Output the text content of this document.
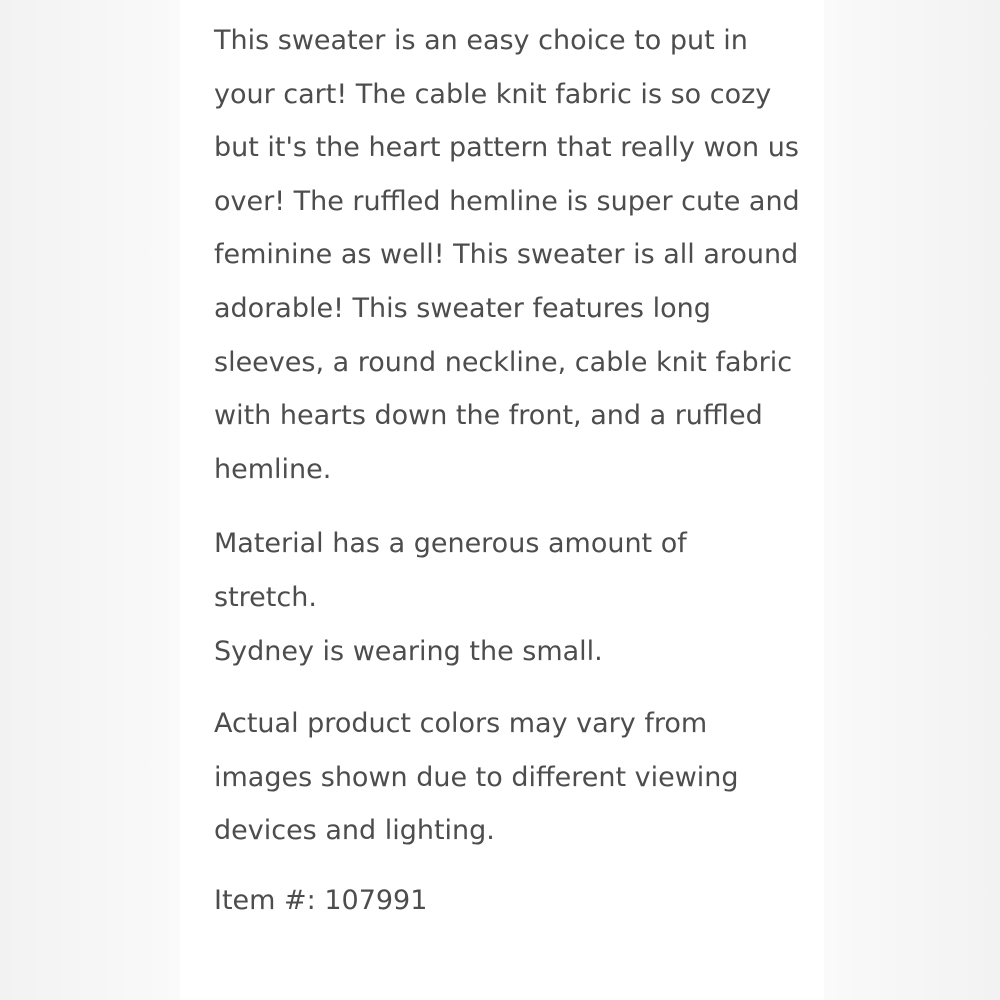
This sweater is an easy choice to put in
your cart! The cable knit fabric is so cozy
but it's the heart pattern that really won us
over! The ruffled hemline is super cute and
feminine as well! This sweater is all around
adorable! This sweater features long
sleeves, a round neckline, cable knit fabric
with hearts down the front, and a ruffled
hemline.

Material has a generous amount of
stretch.
Sydney is wearing the small.

Actual product colors may vary from
images shown due to different viewing
devices and lighting.

Item #: 107991
